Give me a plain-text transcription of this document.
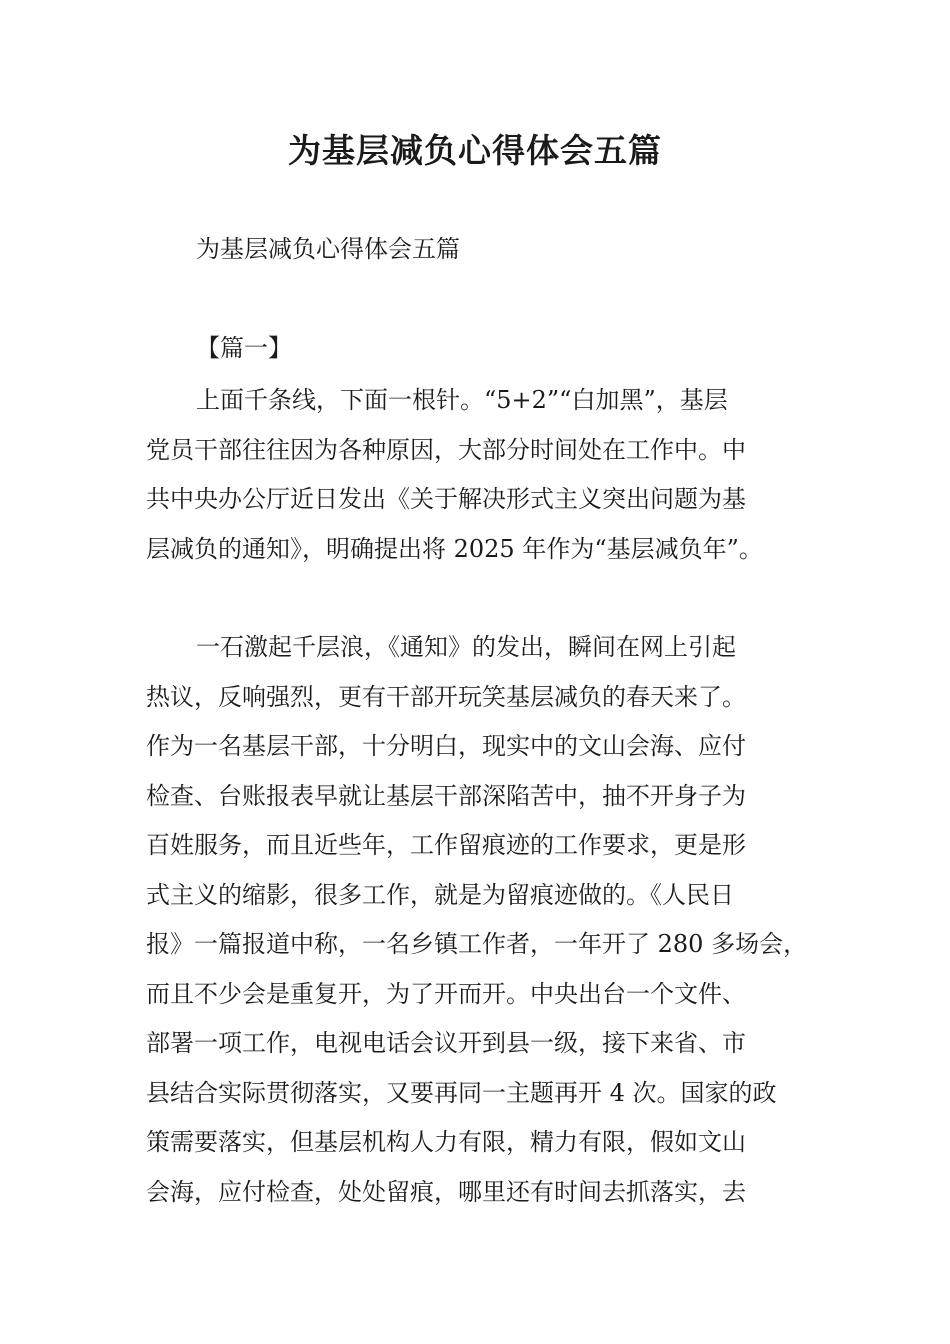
为基层减负心得体会五篇
为基层减负心得体会五篇
【篇一】
上面千条线，下面一根针。“5+2”“白加黑”，基层
党员干部往往因为各种原因，大部分时间处在工作中。中
共中央办公厅近日发出《关于解决形式主义突出问题为基
层减负的通知》，明确提出将 2025 年作为“基层减负年”。
一石激起千层浪，《通知》的发出，瞬间在网上引起
热议，反响强烈，更有干部开玩笑基层减负的春天来了。
作为一名基层干部，十分明白，现实中的文山会海、应付
检查、台账报表早就让基层干部深陷苦中，抽不开身子为
百姓服务，而且近些年，工作留痕迹的工作要求，更是形
式主义的缩影，很多工作，就是为留痕迹做的。《人民日
报》一篇报道中称，一名乡镇工作者，一年开了 280 多场会，
而且不少会是重复开，为了开而开。中央出台一个文件、
部署一项工作，电视电话会议开到县一级，接下来省、市
县结合实际贯彻落实，又要再同一主题再开 4 次。国家的政
策需要落实，但基层机构人力有限，精力有限，假如文山
会海，应付检查，处处留痕，哪里还有时间去抓落实，去
